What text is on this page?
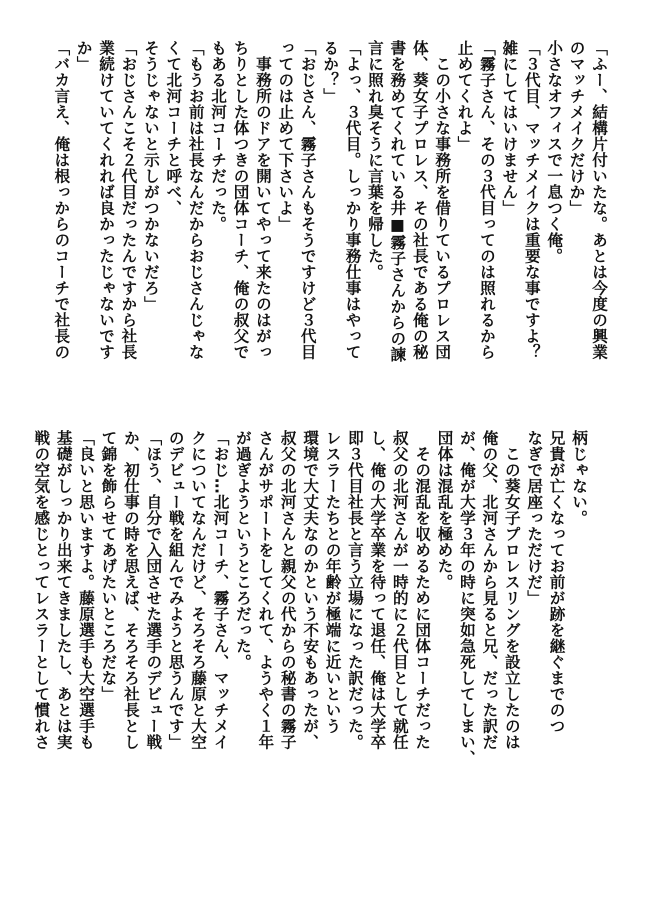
「ふー、結構片付いたな。あとは今度の興業
のマッチメイクだけか」
小さなオフィスで一息つく俺。
「３代目、マッチメイクは重要な事ですよ？
雑にしてはいけません」
「霧子さん、その３代目ってのは照れるから
止めてくれよ」
　この小さな事務所を借りているプロレス団
体、葵女子プロレス、その社長である俺の秘
書を務めてくれている井■霧子さんからの諫
言に照れ臭そうに言葉を帰した。
「よっ、３代目。しっかり事務仕事はやって
るか？」
「おじさん、霧子さんもそうですけど３代目
ってのは止めて下さいよ」
　事務所のドアを開いてやって来たのはがっ
ちりとした体つきの団体コーチ、俺の叔父で
もある北河コーチだった。
「もうお前は社長なんだからおじさんじゃな
くて北河コーチと呼べ、
そうじゃないと示しがつかないだろ」
「おじさんこそ２代目だったんですから社長
業続けていてくれれば良かったじゃないです
か」
「バカ言え、俺は根っからのコーチで社長の
柄じゃない。
兄貴が亡くなってお前が跡を継ぐまでのつ
なぎで居座っただけだ」
　この葵女子プロレスリングを設立したのは
俺の父、北河さんから見ると兄、だった訳だ
が、俺が大学３年の時に突如急死してしまい、
団体は混乱を極めた。
　その混乱を収めるために団体コーチだった
叔父の北河さんが一時的に２代目として就任
し、俺の大学卒業を待って退任、俺は大学卒
即３代目社長と言う立場になった訳だった。
レスラーたちとの年齢が極端に近いという
環境で大丈夫なのかという不安もあったが、
叔父の北河さんと親父の代からの秘書の霧子
さんがサポートをしてくれて、ようやく１年
が過ぎようというところだった。
「おじ…北河コーチ、霧子さん、マッチメイ
クについてなんだけど、そろそろ藤原と大空
のデビュー戦を組んでみようと思うんです」
「ほう、自分で入団させた選手のデビュー戦
か、初仕事の時を思えば、そろそろ社長とし
て錦を飾らせてあげたいところだな」
「良いと思いますよ。藤原選手も大空選手も
基礎がしっかり出来てきましたし、あとは実
戦の空気を感じとってレスラーとして慣れさ
